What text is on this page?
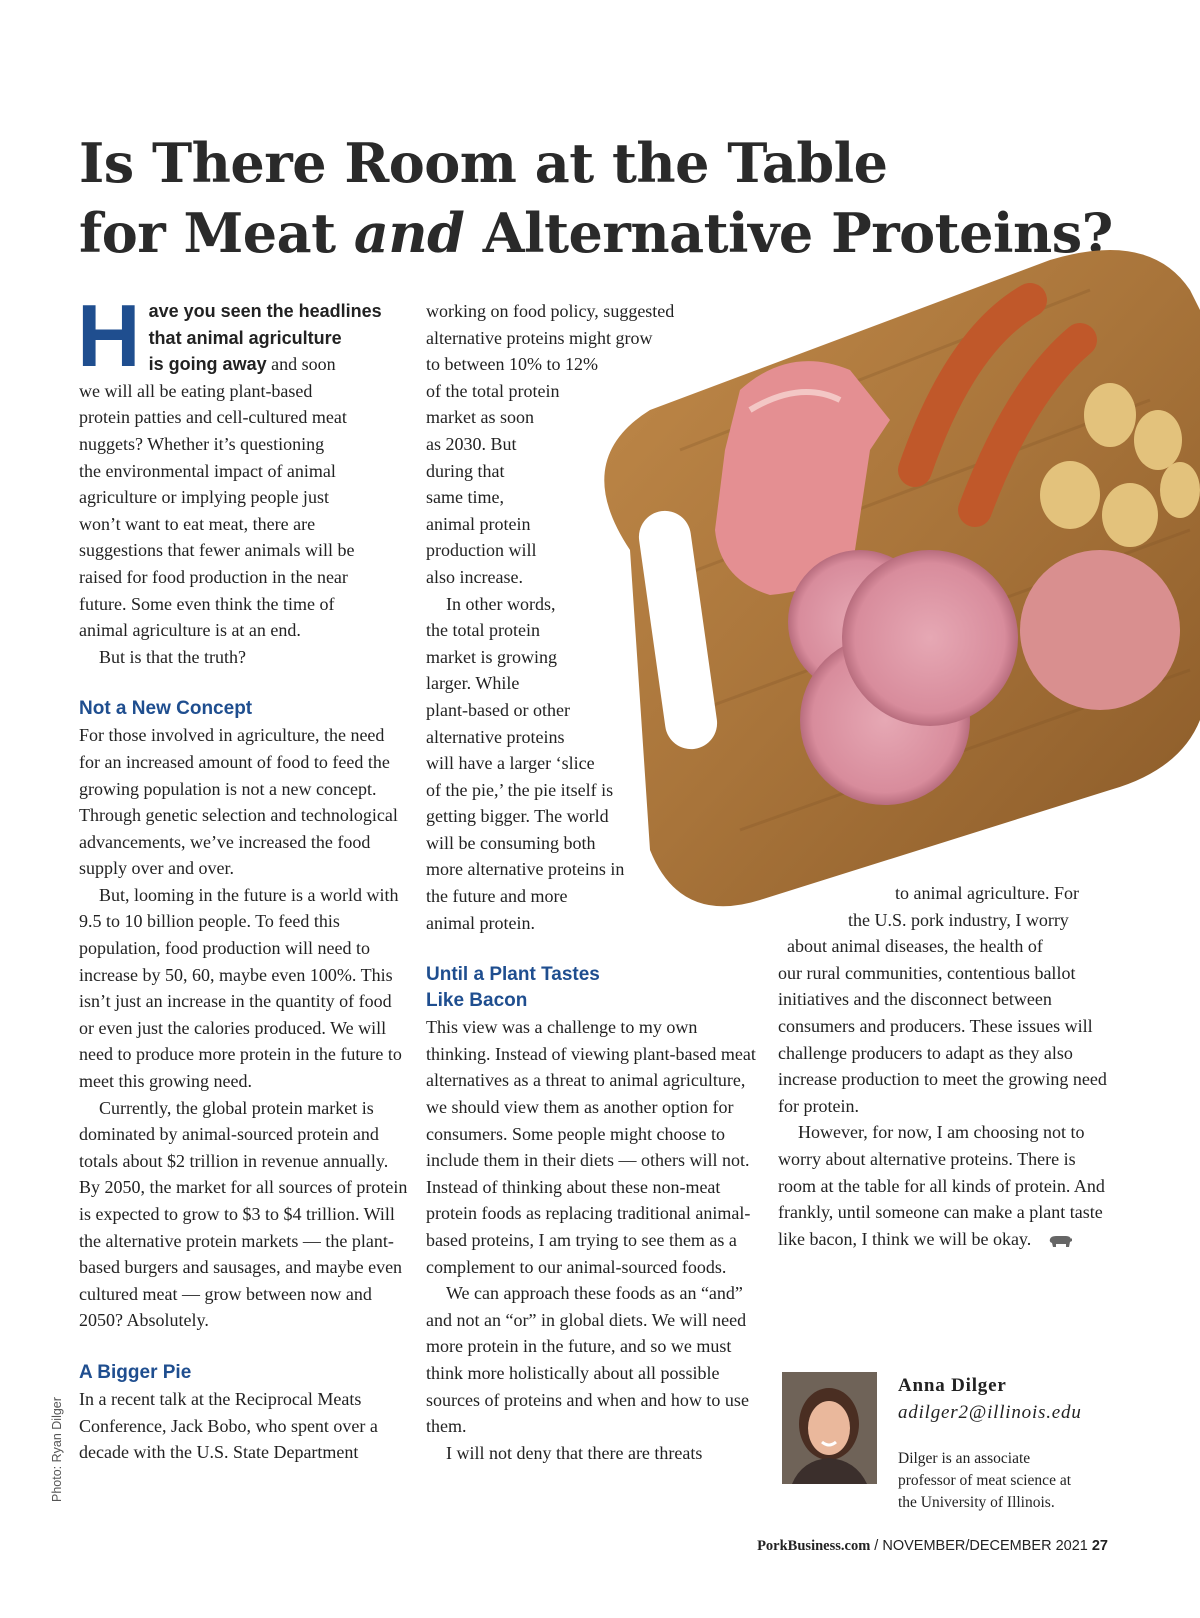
Is There Room at the Table
for Meat and Alternative Proteins?
H ave you seen the headlines
that animal agriculture
is going away and soon
we will all be eating plant-based
protein patties and cell-cultured meat
nuggets? Whether it’s questioning
the environmental impact of animal
agriculture or implying people just
won’t want to eat meat, there are
suggestions that fewer animals will be
raised for food production in the near
future. Some even think the time of
animal agriculture is at an end.
But is that the truth?
Not a New Concept

For those involved in agriculture, the need for an increased amount of food to feed the growing population is not a new concept. Through genetic selection and technological advancements, we’ve increased the food supply over and over.

But, looming in the future is a world with 9.5 to 10 billion people. To feed this population, food production will need to increase by 50, 60, maybe even 100%. This isn’t just an increase in the quantity of food or even just the calories produced. We will need to produce more protein in the future to meet this growing need.

Currently, the global protein market is dominated by animal-sourced protein and totals about $2 trillion in revenue annually. By 2050, the market for all sources of protein is expected to grow to $3 to $4 trillion. Will the alternative protein markets — the plant-based burgers and sausages, and maybe even cultured meat — grow between now and 2050? Absolutely.

A Bigger Pie

In a recent talk at the Reciprocal Meats Conference, Jack Bobo, who spent over a decade with the U.S. State Department

working on food policy, suggested
alternative proteins might grow
to between 10% to 12%
of the total protein
market as soon
as 2030. But
during that
same time,
animal protein
production will
also increase.
In other words,
the total protein
market is growing
larger. While
plant-based or other
alternative proteins
will have a larger ‘slice
of the pie,’ the pie itself is
getting bigger. The world
will be consuming both
more alternative proteins in
the future and more
animal protein.
Until a Plant Tastes Like Bacon

This view was a challenge to my own thinking. Instead of viewing plant-based meat alternatives as a threat to animal agriculture, we should view them as another option for consumers. Some people might choose to include them in their diets — others will not. Instead of thinking about these non-meat protein foods as replacing traditional animal-based proteins, I am trying to see them as a complement to our animal-sourced foods.

We can approach these foods as an “and” and not an “or” in global diets. We will need more protein in the future, and so we must think more holistically about all possible sources of proteins and when and how to use them.

I will not deny that there are threats

to animal agriculture. For
the U.S. pork industry, I worry
about animal diseases, the health of

our rural communities, contentious ballot initiatives and the disconnect between consumers and producers. These issues will challenge producers to adapt as they also increase production to meet the growing need for protein.

However, for now, I am choosing not to worry about alternative proteins. There is room at the table for all kinds of protein. And frankly, until someone can make a plant taste like bacon, I think we will be okay.

Anna Dilger
adilger2@illinois.edu
Dilger is an associate
professor of meat science at
the University of Illinois.
Photo: Ryan Dilger
PorkBusiness.com / NOVEMBER/DECEMBER 2021 27
